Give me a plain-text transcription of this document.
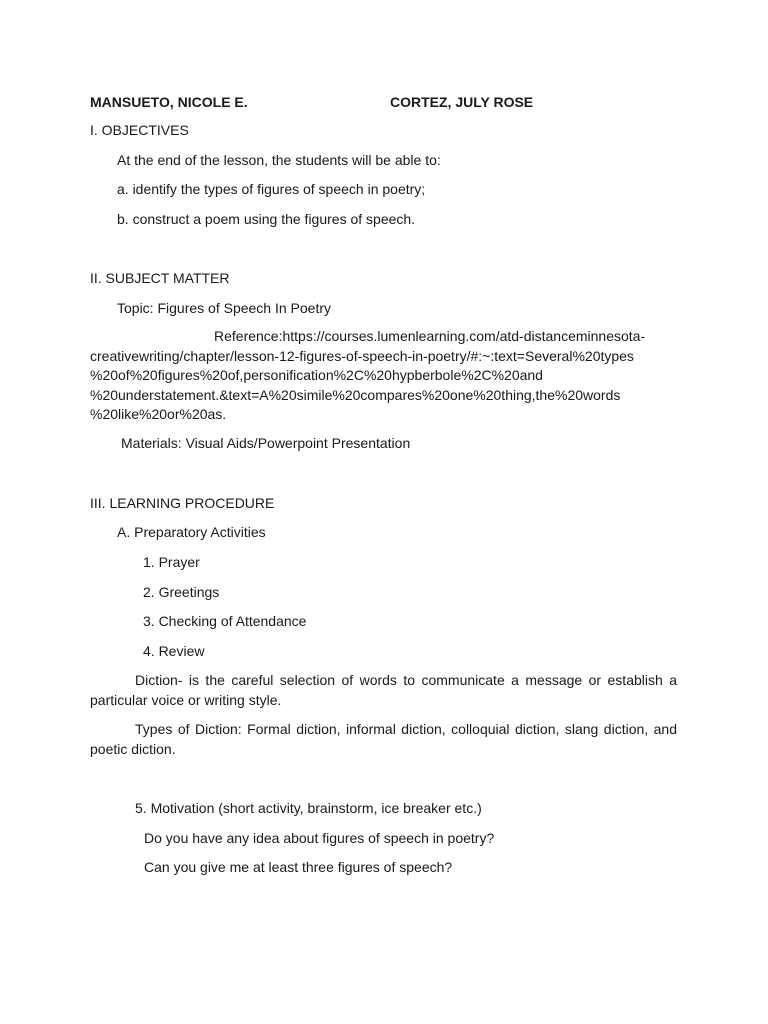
MANSUETO, NICOLE E.	CORTEZ, JULY ROSE
I. OBJECTIVES
At the end of the lesson, the students will be able to:
a. identify the types of figures of speech in poetry;
b. construct a poem using the figures of speech.
II. SUBJECT MATTER
Topic: Figures of Speech In Poetry
Reference:https://courses.lumenlearning.com/atd-distanceminnesota-
creativewriting/chapter/lesson-12-figures-of-speech-in-poetry/#:~:text=Several%20types
%20of%20figures%20of,personification%2C%20hypberbole%2C%20and
%20understatement.&text=A%20simile%20compares%20one%20thing,the%20words
%20like%20or%20as.
Materials: Visual Aids/Powerpoint Presentation
III. LEARNING PROCEDURE
A. Preparatory Activities
1. Prayer
2. Greetings
3. Checking of Attendance
4. Review
Diction- is the careful selection of words to communicate a message or establish a particular voice or writing style.
Types of Diction: Formal diction, informal diction, colloquial diction, slang diction, and poetic diction.
5. Motivation (short activity, brainstorm, ice breaker etc.)
Do you have any idea about figures of speech in poetry?
Can you give me at least three figures of speech?
